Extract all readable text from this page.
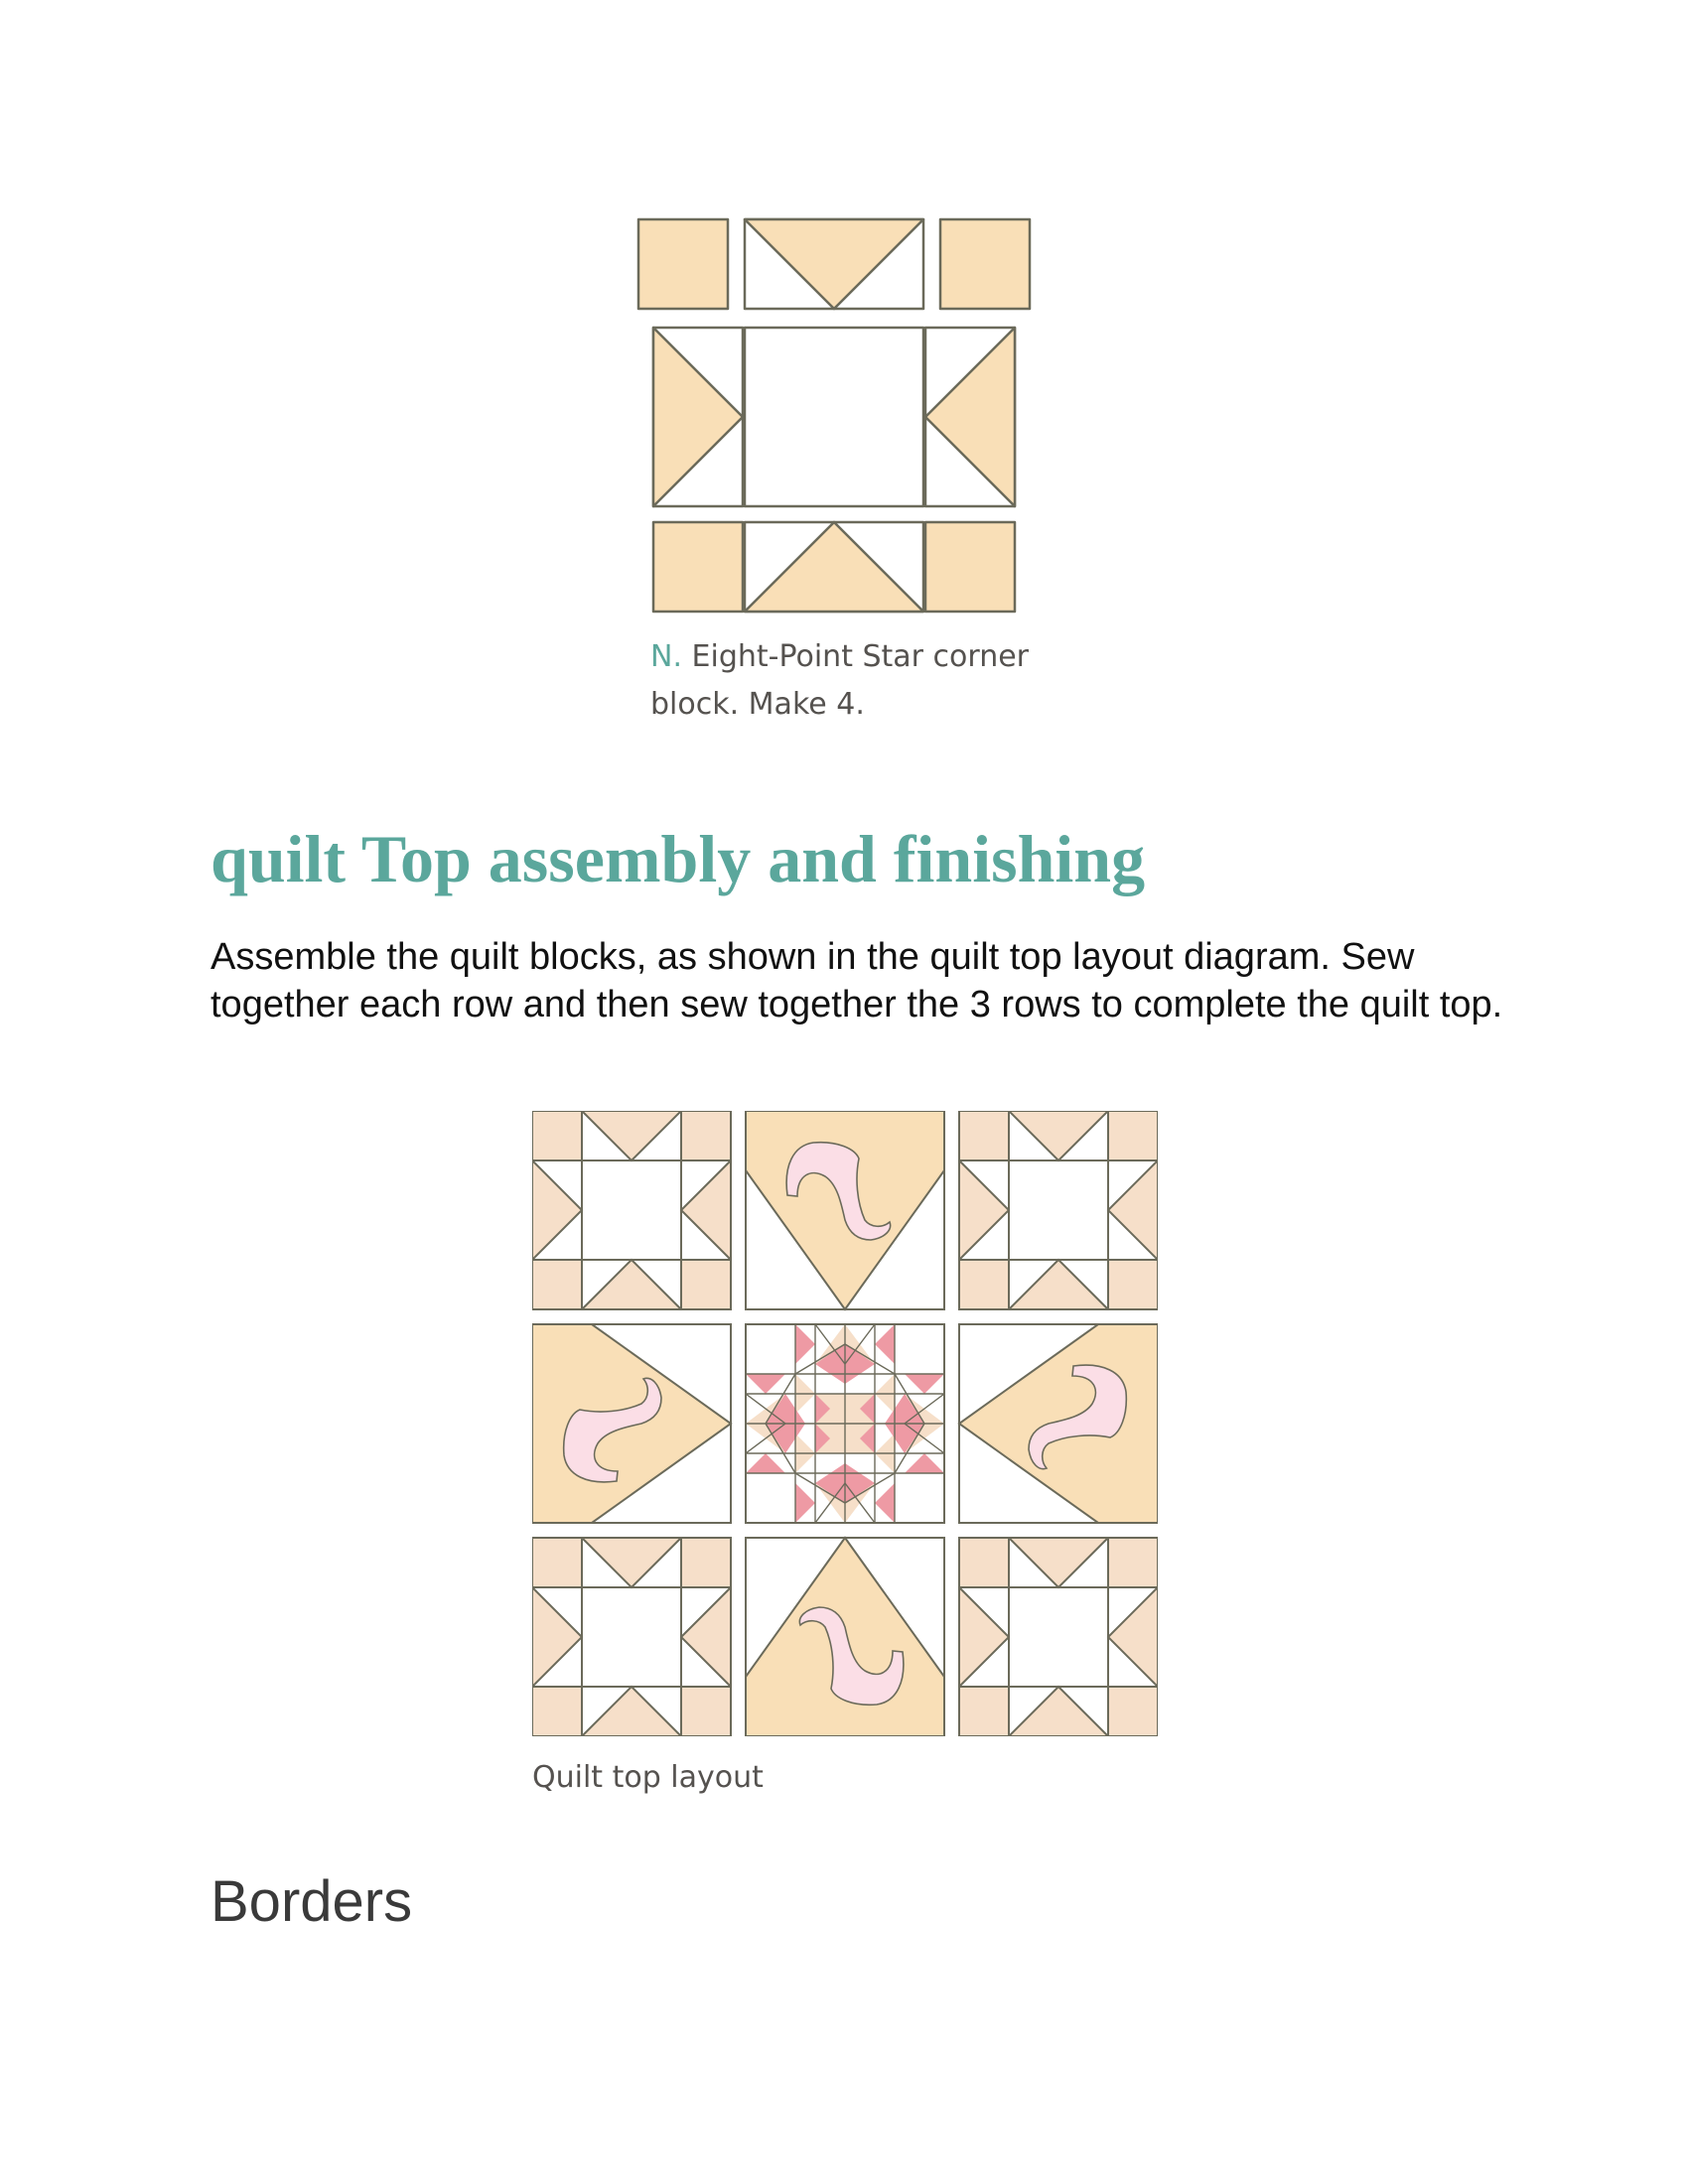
N. Eight-Point Star corner block. Make 4.
quilt Top assembly and finishing

Assemble the quilt blocks, as shown in the quilt top layout diagram. Sew together each row and then sew together the 3 rows to complete the quilt top.

Quilt top layout
Borders
